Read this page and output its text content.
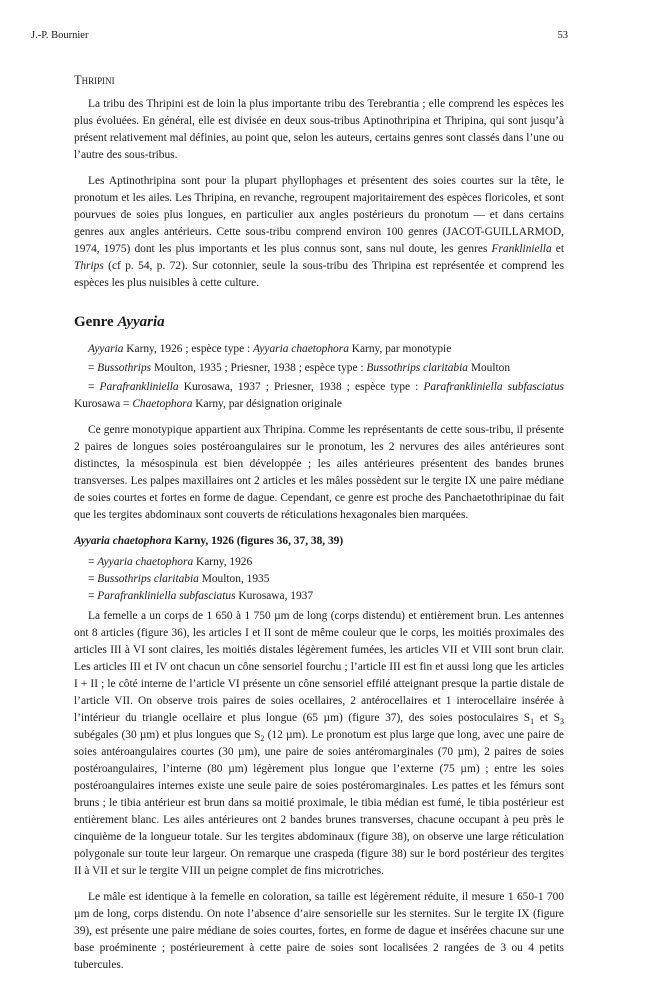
J.-P. Bournier	53

Thripini

La tribu des Thripini est de loin la plus importante tribu des Terebrantia ; elle comprend les espèces les plus évoluées. En général, elle est divisée en deux sous-tribus Aptinothripina et Thripina, qui sont jusqu’à présent relativement mal définies, au point que, selon les auteurs, certains genres sont classés dans l’une ou l’autre des sous-tribus.

Les Aptinothripina sont pour la plupart phyllophages et présentent des soies courtes sur la tête, le pronotum et les ailes. Les Thripina, en revanche, regroupent majoritairement des espèces floricoles, et sont pourvues de soies plus longues, en particulier aux angles postérieurs du pronotum — et dans certains genres aux angles antérieurs. Cette sous-tribu comprend environ 100 genres (JACOT-GUILLARMOD, 1974, 1975) dont les plus importants et les plus connus sont, sans nul doute, les genres Frankliniella et Thrips (cf p. 54, p. 72). Sur cotonnier, seule la sous-tribu des Thripina est représentée et comprend les espèces les plus nuisibles à cette culture.

Genre Ayyaria

Ayyaria Karny, 1926 ; espèce type : Ayyaria chaetophora Karny, par monotypie

= Bussothrips Moulton, 1935 ; Priesner, 1938 ; espèce type : Bussothrips claritabia Moulton

= Parafrankliniella Kurosawa, 1937 ; Priesner, 1938 ; espèce type : Parafrankliniella subfasciatus Kurosawa = Chaetophora Karny, par désignation originale

Ce genre monotypique appartient aux Thripina. Comme les représentants de cette sous-tribu, il présente 2 paires de longues soies postéroangulaires sur le pronotum, les 2 nervures des ailes antérieures sont distinctes, la mésospinula est bien développée ; les ailes antérieures présentent des bandes brunes transverses. Les palpes maxillaires ont 2 articles et les mâles possèdent sur le tergite IX une paire médiane de soies courtes et fortes en forme de dague. Cependant, ce genre est proche des Panchaetothripinae du fait que les tergites abdominaux sont couverts de réticulations hexagonales bien marquées.

Ayyaria chaetophora Karny, 1926 (figures 36, 37, 38, 39)

= Ayyaria chaetophora Karny, 1926

= Bussothrips claritabia Moulton, 1935

= Parafrankliniella subfasciatus Kurosawa, 1937

La femelle a un corps de 1 650 à 1 750 µm de long (corps distendu) et entièrement brun. Les antennes ont 8 articles (figure 36), les articles I et II sont de même couleur que le corps, les moitiés proximales des articles III à VI sont claires, les moitiés distales légèrement fumées, les articles VII et VIII sont brun clair. Les articles III et IV ont chacun un cône sensoriel fourchu ; l’article III est fin et aussi long que les articles I + II ; le côté interne de l’article VI présente un cône sensoriel effilé atteignant presque la partie distale de l’article VII. On observe trois paires de soies ocellaires, 2 antérocellaires et 1 interocellaire insérée à l’intérieur du triangle ocellaire et plus longue (65 µm) (figure 37), des soies postoculaires $S_1$ et $S_3$ subégales (30 µm) et plus longues que $S_2$ (12 µm). Le pronotum est plus large que long, avec une paire de soies antéroangulaires courtes (30 µm), une paire de soies antéromarginales (70 µm), 2 paires de soies postéroangulaires, l’interne (80 µm) légèrement plus longue que l’externe (75 µm) ; entre les soies postéroangulaires internes existe une seule paire de soies postéromarginales. Les pattes et les fémurs sont bruns ; le tibia antérieur est brun dans sa moitié proximale, le tibia médian est fumé, le tibia postérieur est entièrement blanc. Les ailes antérieures ont 2 bandes brunes transverses, chacune occupant à peu près le cinquième de la longueur totale. Sur les tergites abdominaux (figure 38), on observe une large réticulation polygonale sur toute leur largeur. On remarque une craspeda (figure 38) sur le bord postérieur des tergites II à VII et sur le tergite VIII un peigne complet de fins microtriches.

Le mâle est identique à la femelle en coloration, sa taille est légèrement réduite, il mesure 1 650-1 700 µm de long, corps distendu. On note l’absence d’aire sensorielle sur les sternites. Sur le tergite IX (figure 39), est présente une paire médiane de soies courtes, fortes, en forme de dague et insérées chacune sur une base proéminente ; postérieurement à cette paire de soies sont localisées 2 rangées de 3 ou 4 petits tubercules.
